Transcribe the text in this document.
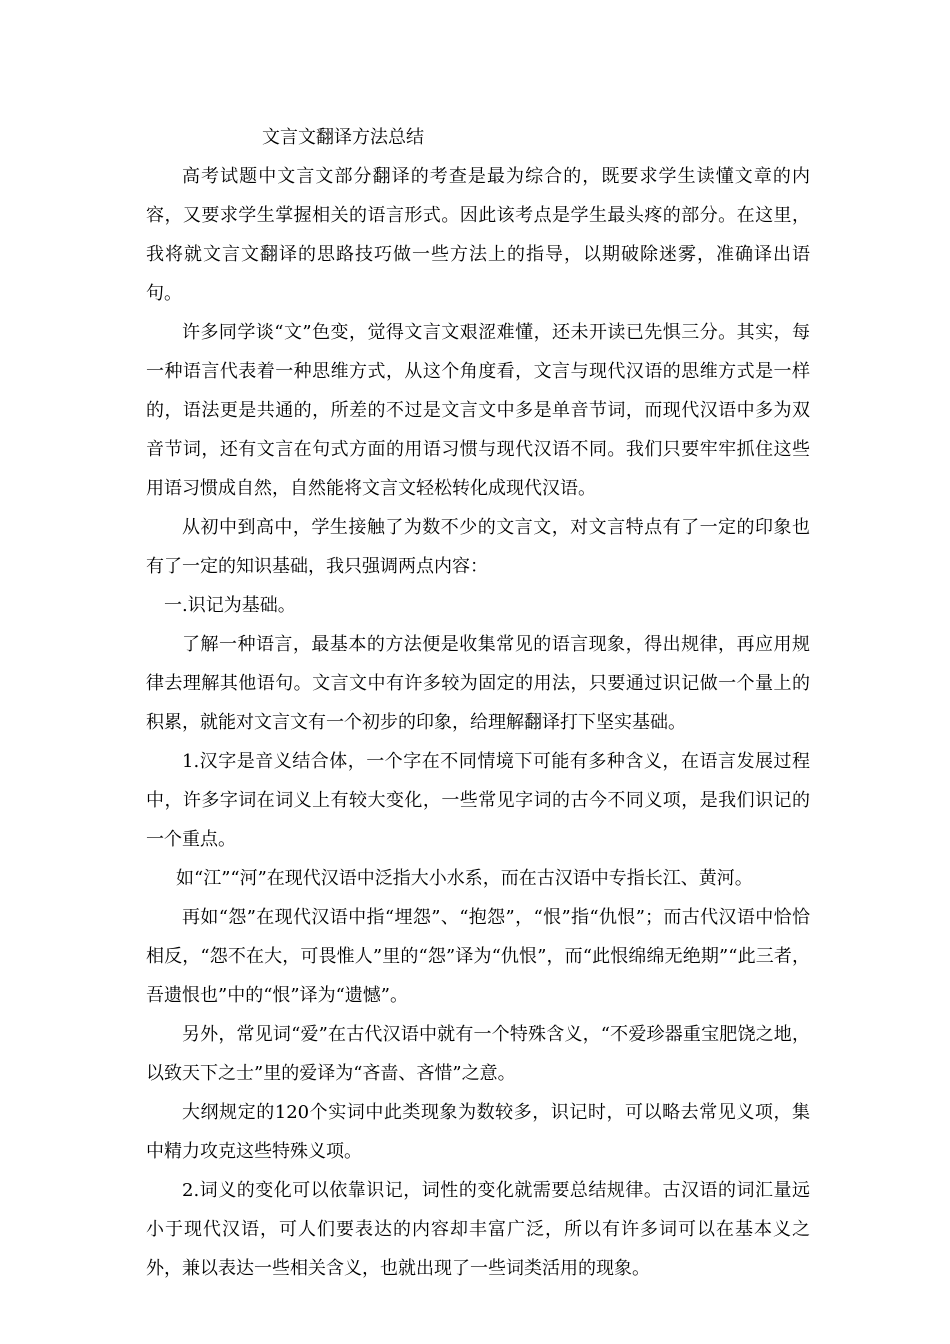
文言文翻译方法总结

高考试题中文言文部分翻译的考查是最为综合的，既要求学生读懂文章的内容，又要求学生掌握相关的语言形式。因此该考点是学生最头疼的部分。在这里，我将就文言文翻译的思路技巧做一些方法上的指导，以期破除迷雾，准确译出语句。

许多同学谈“文”色变，觉得文言文艰涩难懂，还未开读已先惧三分。其实，每一种语言代表着一种思维方式，从这个角度看，文言与现代汉语的思维方式是一样的，语法更是共通的，所差的不过是文言文中多是单音节词，而现代汉语中多为双音节词，还有文言在句式方面的用语习惯与现代汉语不同。我们只要牢牢抓住这些用语习惯成自然，自然能将文言文轻松转化成现代汉语。

从初中到高中，学生接触了为数不少的文言文，对文言特点有了一定的印象也有了一定的知识基础，我只强调两点内容：

一.识记为基础。

了解一种语言，最基本的方法便是收集常见的语言现象，得出规律，再应用规律去理解其他语句。文言文中有许多较为固定的用法，只要通过识记做一个量上的积累，就能对文言文有一个初步的印象，给理解翻译打下坚实基础。

1.汉字是音义结合体，一个字在不同情境下可能有多种含义，在语言发展过程中，许多字词在词义上有较大变化，一些常见字词的古今不同义项，是我们识记的一个重点。

如“江”“河”在现代汉语中泛指大小水系，而在古汉语中专指长江、黄河。

再如“怨”在现代汉语中指“埋怨”、“抱怨”，“恨”指“仇恨”；而古代汉语中恰恰相反，“怨不在大，可畏惟人”里的“怨”译为“仇恨”，而“此恨绵绵无绝期”“此三者，吾遗恨也”中的“恨”译为“遗憾”。

另外，常见词“爱”在古代汉语中就有一个特殊含义，“不爱珍器重宝肥饶之地，以致天下之士”里的爱译为“吝啬、吝惜”之意。

大纲规定的120个实词中此类现象为数较多，识记时，可以略去常见义项，集中精力攻克这些特殊义项。

2.词义的变化可以依靠识记，词性的变化就需要总结规律。古汉语的词汇量远小于现代汉语，可人们要表达的内容却丰富广泛，所以有许多词可以在基本义之外，兼以表达一些相关含义，也就出现了一些词类活用的现象。
